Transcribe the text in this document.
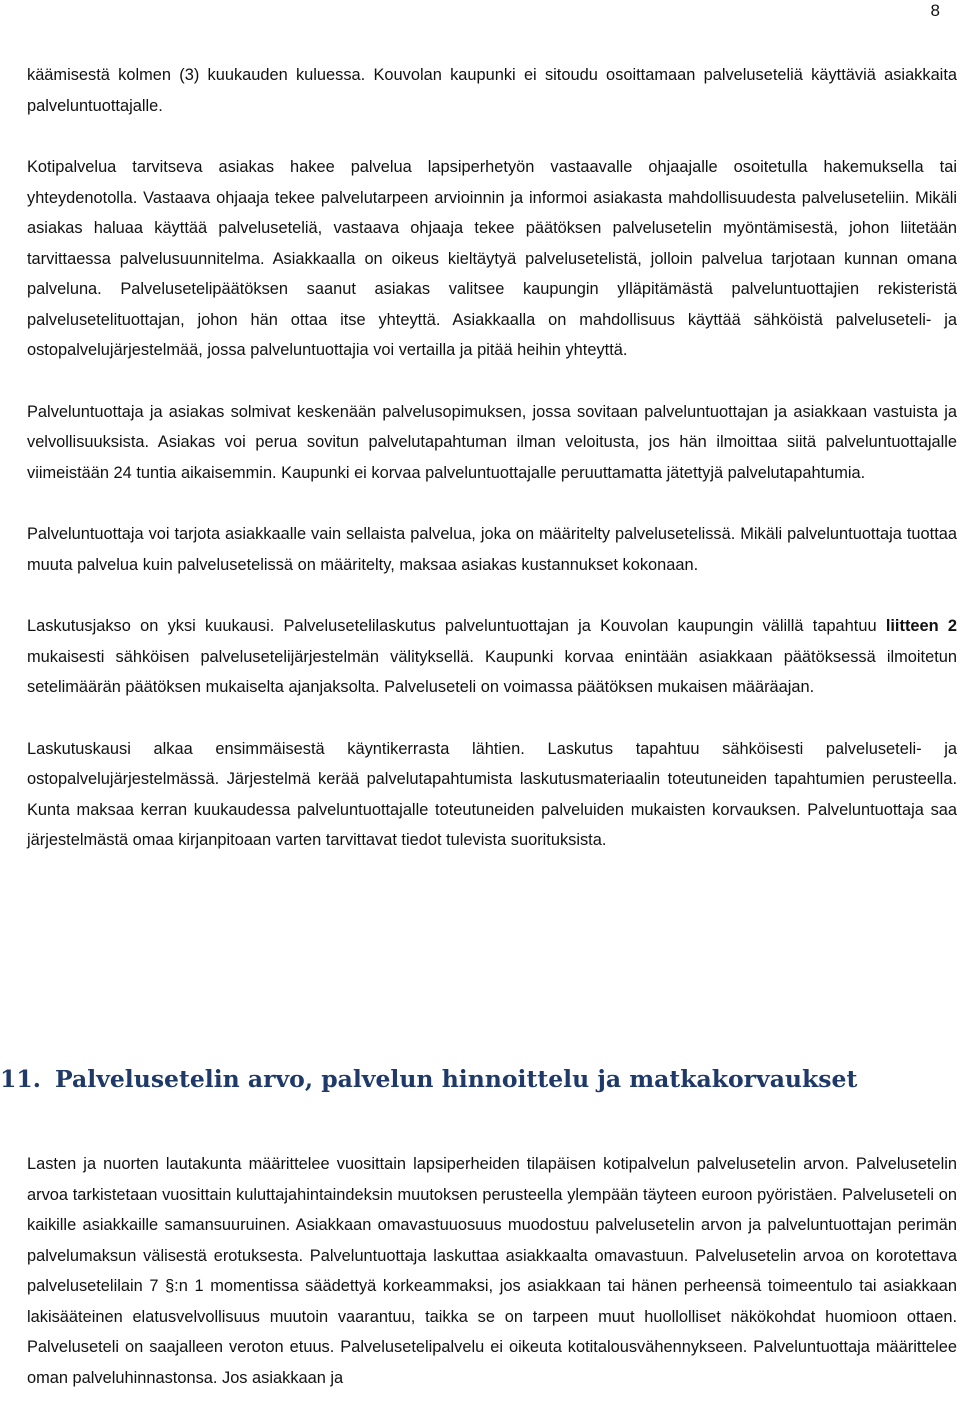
8

käämisestä kolmen (3) kuukauden kuluessa. Kouvolan kaupunki ei sitoudu osoittamaan palveluseteliä käyttäviä asiakkaita palveluntuottajalle.

Kotipalvelua tarvitseva asiakas hakee palvelua lapsiperhetyön vastaavalle ohjaajalle osoitetulla hakemuksella tai yhteydenotolla. Vastaava ohjaaja tekee palvelutarpeen arvioinnin ja informoi asiakasta mahdollisuudesta palveluseteliin. Mikäli asiakas haluaa käyttää palveluseteliä, vastaava ohjaaja tekee päätöksen palvelusetelin myöntämisestä, johon liitetään tarvittaessa palvelusuunnitelma. Asiakkaalla on oikeus kieltäytyä palvelusetelistä, jolloin palvelua tarjotaan kunnan omana palveluna. Palvelusetelipäätöksen saanut asiakas valitsee kaupungin ylläpitämästä palveluntuottajien rekisteristä palvelusetelituottajan, johon hän ottaa itse yhteyttä. Asiakkaalla on mahdollisuus käyttää sähköistä palveluseteli- ja ostopalvelujärjestelmää, jossa palveluntuottajia voi vertailla ja pitää heihin yhteyttä.

Palveluntuottaja ja asiakas solmivat keskenään palvelusopimuksen, jossa sovitaan palveluntuottajan ja asiakkaan vastuista ja velvollisuuksista. Asiakas voi perua sovitun palvelutapahtuman ilman veloitusta, jos hän ilmoittaa siitä palveluntuottajalle viimeistään 24 tuntia aikaisemmin. Kaupunki ei korvaa palveluntuottajalle peruuttamatta jätettyjä palvelutapahtumia.

Palveluntuottaja voi tarjota asiakkaalle vain sellaista palvelua, joka on määritelty palvelusetelissä. Mikäli palveluntuottaja tuottaa muuta palvelua kuin palvelusetelissä on määritelty, maksaa asiakas kustannukset kokonaan.

Laskutusjakso on yksi kuukausi. Palvelusetelilaskutus palveluntuottajan ja Kouvolan kaupungin välillä tapahtuu liitteen 2 mukaisesti sähköisen palvelusetelijärjestelmän välityksellä. Kaupunki korvaa enintään asiakkaan päätöksessä ilmoitetun setelimäärän päätöksen mukaiselta ajanjaksolta. Palveluseteli on voimassa päätöksen mukaisen määräajan.

Laskutuskausi alkaa ensimmäisestä käyntikerrasta lähtien. Laskutus tapahtuu sähköisesti palveluseteli- ja ostopalvelujärjestelmässä. Järjestelmä kerää palvelutapahtumista laskutusmateriaalin toteutuneiden tapahtumien perusteella. Kunta maksaa kerran kuukaudessa palveluntuottajalle toteutuneiden palveluiden mukaisten korvauksen. Palveluntuottaja saa järjestelmästä omaa kirjanpitoaan varten tarvittavat tiedot tulevista suorituksista.

11. Palvelusetelin arvo, palvelun hinnoittelu ja matkakorvaukset

Lasten ja nuorten lautakunta määrittelee vuosittain lapsiperheiden tilapäisen kotipalvelun palvelusetelin arvon. Palvelusetelin arvoa tarkistetaan vuosittain kuluttajahintaindeksin muutoksen perusteella ylempään täyteen euroon pyöristäen. Palveluseteli on kaikille asiakkaille samansuuruinen. Asiakkaan omavastuuosuus muodostuu palvelusetelin arvon ja palveluntuottajan perimän palvelumaksun välisestä erotuksesta. Palveluntuottaja laskuttaa asiakkaalta omavastuun. Palvelusetelin arvoa on korotettava palvelusetelilain 7 §:n 1 momentissa säädettyä korkeammaksi, jos asiakkaan tai hänen perheensä toimeentulo tai asiakkaan lakisääteinen elatusvelvollisuus muutoin vaarantuu, taikka se on tarpeen muut huollolliset näkökohdat huomioon ottaen. Palveluseteli on saajalleen veroton etuus. Palvelusetelipalvelu ei oikeuta kotitalousvähennykseen. Palveluntuottaja määrittelee oman palveluhinnastonsa. Jos asiakkaan ja
